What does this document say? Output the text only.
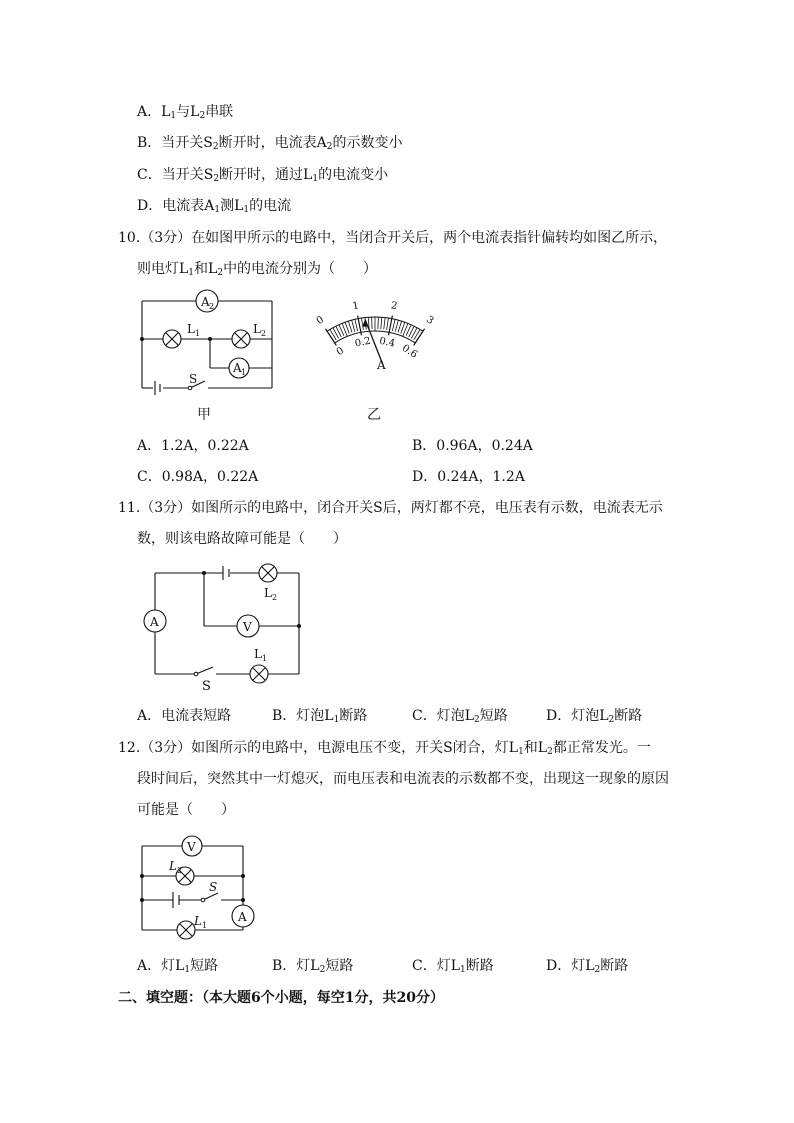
A．$L_1$与$L_2$串联
B．当开关$S_2$断开时，电流表$A_2$的示数变小
C．当开关$S_2$断开时，通过$L_1$的电流变小
D．电流表$A_1$测$L_1$的电流
10.（3分）在如图甲所示的电路中，当闭合开关后，两个电流表指针偏转均如图乙所示，
则电灯$L_1$和$L_2$中的电流分别为（　　）
A 2
A 1
L 1	L 2
S
甲
0
1	2
3
0
0.2 0.4
0.6
A
乙
A．1.2A，0.22A	B．0.96A，0.24A
C．0.98A，0.22A	D．0.24A，1.2A
11.（3分）如图所示的电路中，闭合开关S后，两灯都不亮，电压表有示数，电流表无示
数，则该电路故障可能是（　　）
A	V
L 2
L 1
S
A．电流表短路	B．灯泡$L_1$断路	C．灯泡$L_2$短路	D．灯泡$L_2$断路
12.（3分）如图所示的电路中，电源电压不变，开关S闭合，灯$L_1$和$L_2$都正常发光。一
段时间后，突然其中一灯熄灭，而电压表和电流表的示数都不变，出现这一现象的原因
可能是（　　）
V
A
L 2
L 1
S
A．灯$L_1$短路	B．灯$L_2$短路	C．灯$L_1$断路	D．灯$L_2$断路
二、填空题：（本大题6个小题，每空1分，共20分）
